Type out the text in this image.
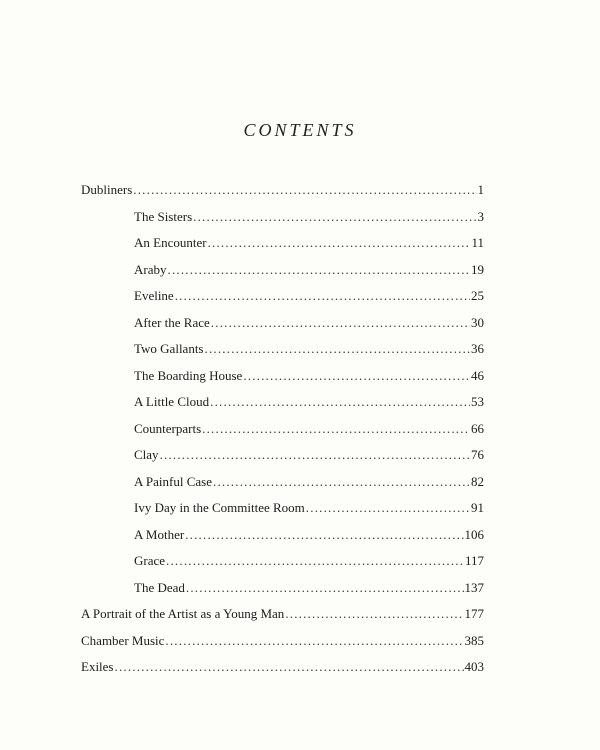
CONTENTS
Dubliners .....	1
The Sisters .....	3
An Encounter .....	11
Araby .....	19
Eveline .....	25
After the Race .....	30
Two Gallants .....	36
The Boarding House .....	46
A Little Cloud .....	53
Counterparts .....	66
Clay .....	76
A Painful Case .....	82
Ivy Day in the Committee Room .....	91
A Mother .....	106
Grace .....	117
The Dead .....	137
A Portrait of the Artist as a Young Man .....	177
Chamber Music .....	385
Exiles .....	403
